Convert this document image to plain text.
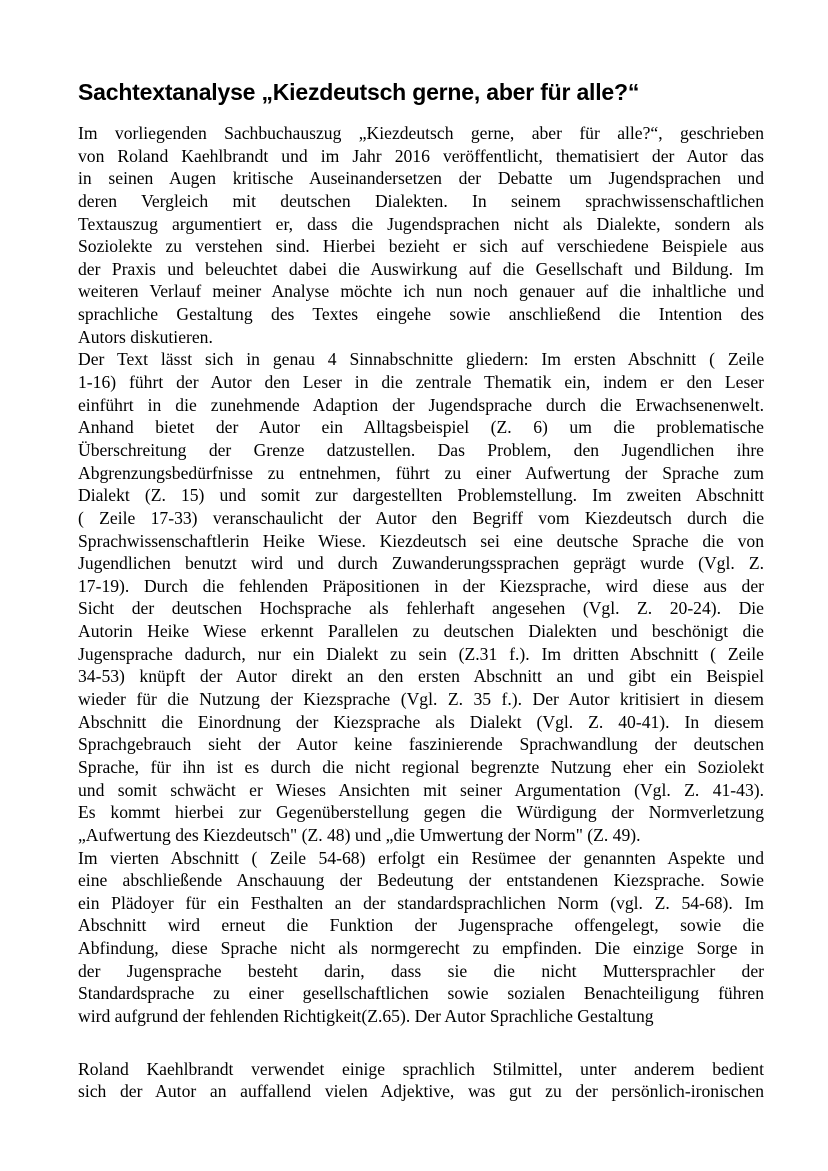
Sachtextanalyse „Kiezdeutsch gerne, aber für alle?“
Im vorliegenden Sachbuchauszug „Kiezdeutsch gerne, aber für alle?“, geschrieben
von Roland Kaehlbrandt und im Jahr 2016 veröffentlicht, thematisiert der Autor das
in seinen Augen kritische Auseinandersetzen der Debatte um Jugendsprachen und
deren Vergleich mit deutschen Dialekten. In seinem sprachwissenschaftlichen
Textauszug argumentiert er, dass die Jugendsprachen nicht als Dialekte, sondern als
Soziolekte zu verstehen sind. Hierbei bezieht er sich auf verschiedene Beispiele aus
der Praxis und beleuchtet dabei die Auswirkung auf die Gesellschaft und Bildung. Im
weiteren Verlauf meiner Analyse möchte ich nun noch genauer auf die inhaltliche und
sprachliche Gestaltung des Textes eingehe sowie anschließend die Intention des
Autors diskutieren.
Der Text lässt sich in genau 4 Sinnabschnitte gliedern: Im ersten Abschnitt ( Zeile
1-16) führt der Autor den Leser in die zentrale Thematik ein, indem er den Leser
einführt in die zunehmende Adaption der Jugendsprache durch die Erwachsenenwelt.
Anhand bietet der Autor ein Alltagsbeispiel (Z. 6) um die problematische
Überschreitung der Grenze datzustellen. Das Problem, den Jugendlichen ihre
Abgrenzungsbedürfnisse zu entnehmen, führt zu einer Aufwertung der Sprache zum
Dialekt (Z. 15) und somit zur dargestellten Problemstellung. Im zweiten Abschnitt
( Zeile 17-33) veranschaulicht der Autor den Begriff vom Kiezdeutsch durch die
Sprachwissenschaftlerin Heike Wiese. Kiezdeutsch sei eine deutsche Sprache die von
Jugendlichen benutzt wird und durch Zuwanderungssprachen geprägt wurde (Vgl. Z.
17-19). Durch die fehlenden Präpositionen in der Kiezsprache, wird diese aus der
Sicht der deutschen Hochsprache als fehlerhaft angesehen (Vgl. Z. 20-24). Die
Autorin Heike Wiese erkennt Parallelen zu deutschen Dialekten und beschönigt die
Jugensprache dadurch, nur ein Dialekt zu sein (Z.31 f.). Im dritten Abschnitt ( Zeile
34-53) knüpft der Autor direkt an den ersten Abschnitt an und gibt ein Beispiel
wieder für die Nutzung der Kiezsprache (Vgl. Z. 35 f.). Der Autor kritisiert in diesem
Abschnitt die Einordnung der Kiezsprache als Dialekt (Vgl. Z. 40-41). In diesem
Sprachgebrauch sieht der Autor keine faszinierende Sprachwandlung der deutschen
Sprache, für ihn ist es durch die nicht regional begrenzte Nutzung eher ein Soziolekt
und somit schwächt er Wieses Ansichten mit seiner Argumentation (Vgl. Z. 41-43).
Es kommt hierbei zur Gegenüberstellung gegen die Würdigung der Normverletzung
„Aufwertung des Kiezdeutsch" (Z. 48) und „die Umwertung der Norm" (Z. 49).
Im vierten Abschnitt ( Zeile 54-68) erfolgt ein Resümee der genannten Aspekte und
eine abschließende Anschauung der Bedeutung der entstandenen Kiezsprache. Sowie
ein Plädoyer für ein Festhalten an der standardsprachlichen Norm (vgl. Z. 54-68). Im
Abschnitt wird erneut die Funktion der Jugensprache offengelegt, sowie die
Abfindung, diese Sprache nicht als normgerecht zu empfinden. Die einzige Sorge in
der Jugensprache besteht darin, dass sie die nicht Muttersprachler der
Standardsprache zu einer gesellschaftlichen sowie sozialen Benachteiligung führen
wird aufgrund der fehlenden Richtigkeit(Z.65). Der Autor Sprachliche Gestaltung
Roland Kaehlbrandt verwendet einige sprachlich Stilmittel, unter anderem bedient
sich der Autor an auffallend vielen Adjektive, was gut zu der persönlich-ironischen
